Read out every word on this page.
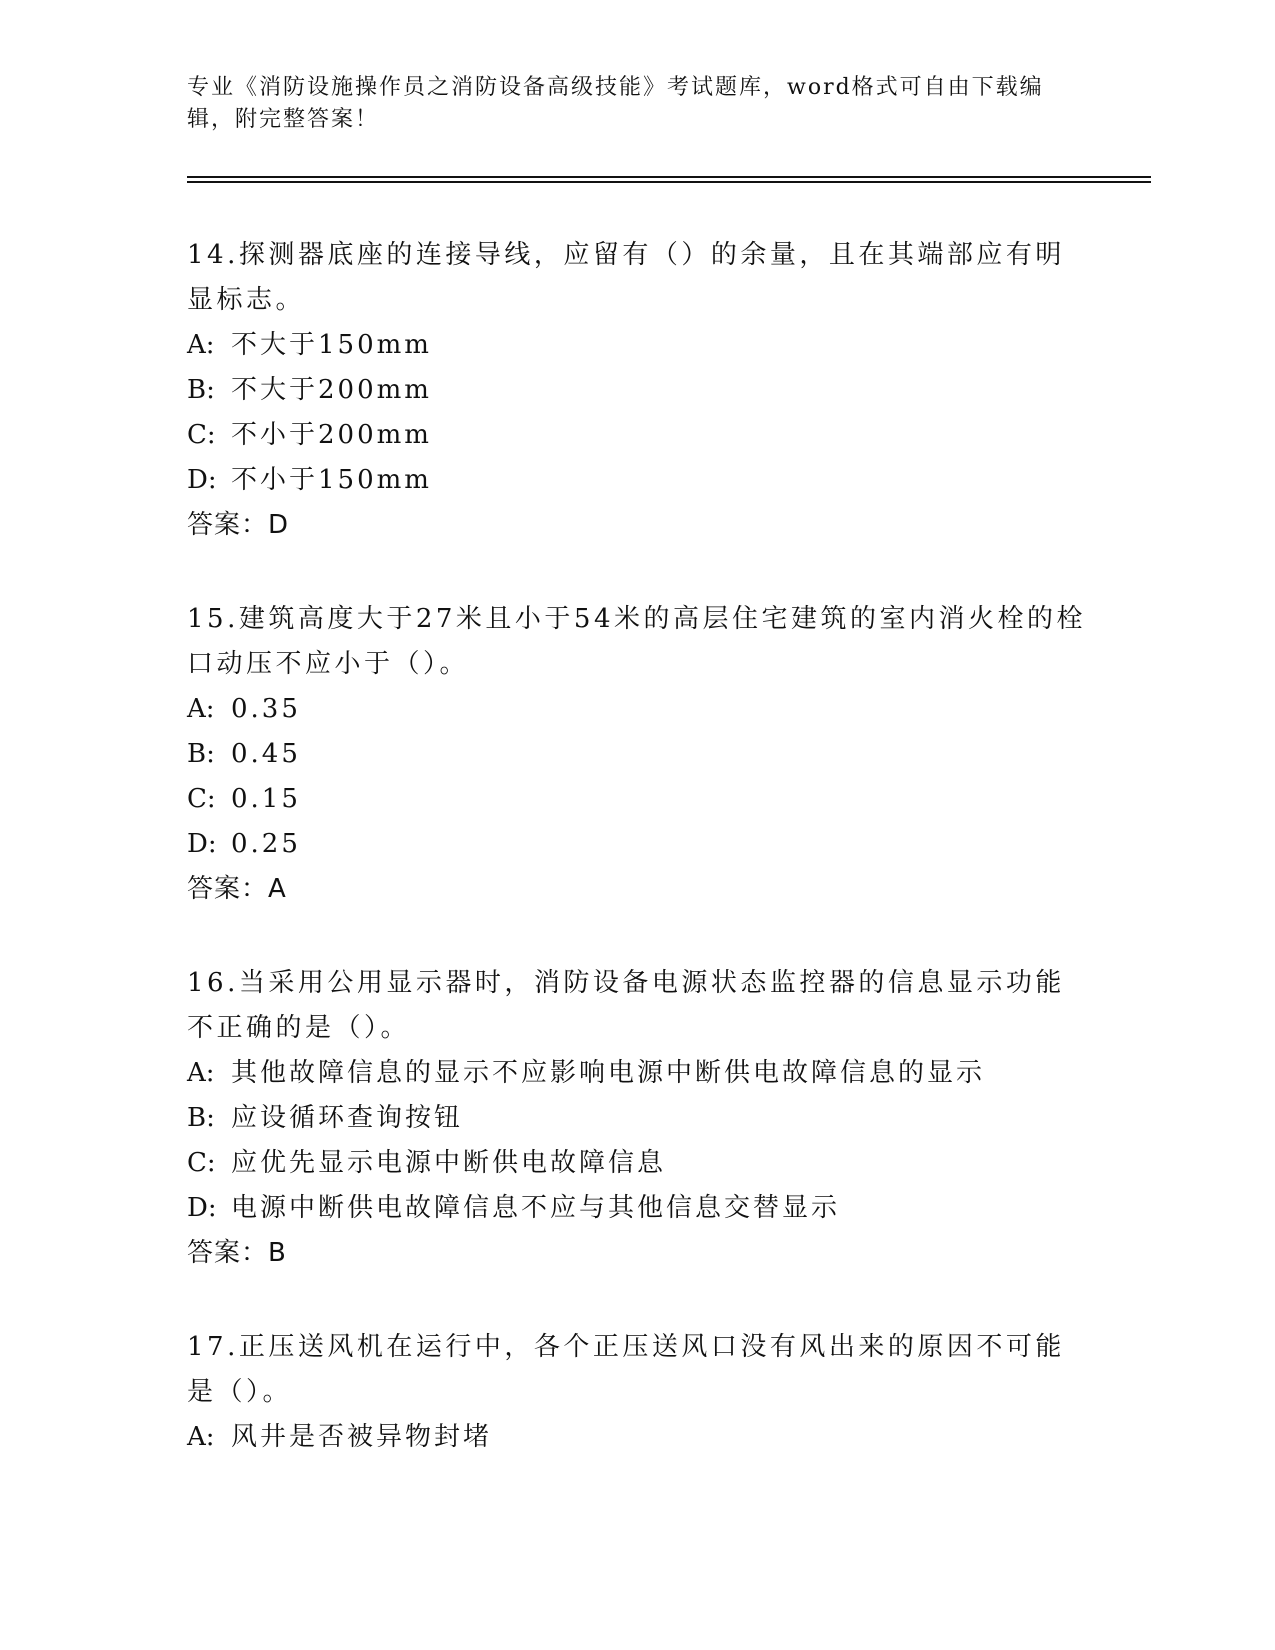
专业《消防设施操作员之消防设备高级技能》考试题库，word格式可自由下载编辑，附完整答案！

14.探测器底座的连接导线，应留有（）的余量，且在其端部应有明显标志。

A: 不大于150mm

B: 不大于200mm

C: 不小于200mm

D: 不小于150mm

答案：D

15.建筑高度大于27米且小于54米的高层住宅建筑的室内消火栓的栓口动压不应小于（）。

A: 0.35

B: 0.45

C: 0.15

D: 0.25

答案：A

16.当采用公用显示器时，消防设备电源状态监控器的信息显示功能不正确的是（）。

A: 其他故障信息的显示不应影响电源中断供电故障信息的显示

B: 应设循环查询按钮

C: 应优先显示电源中断供电故障信息

D: 电源中断供电故障信息不应与其他信息交替显示

答案：B

17.正压送风机在运行中，各个正压送风口没有风出来的原因不可能是（）。

A: 风井是否被异物封堵
